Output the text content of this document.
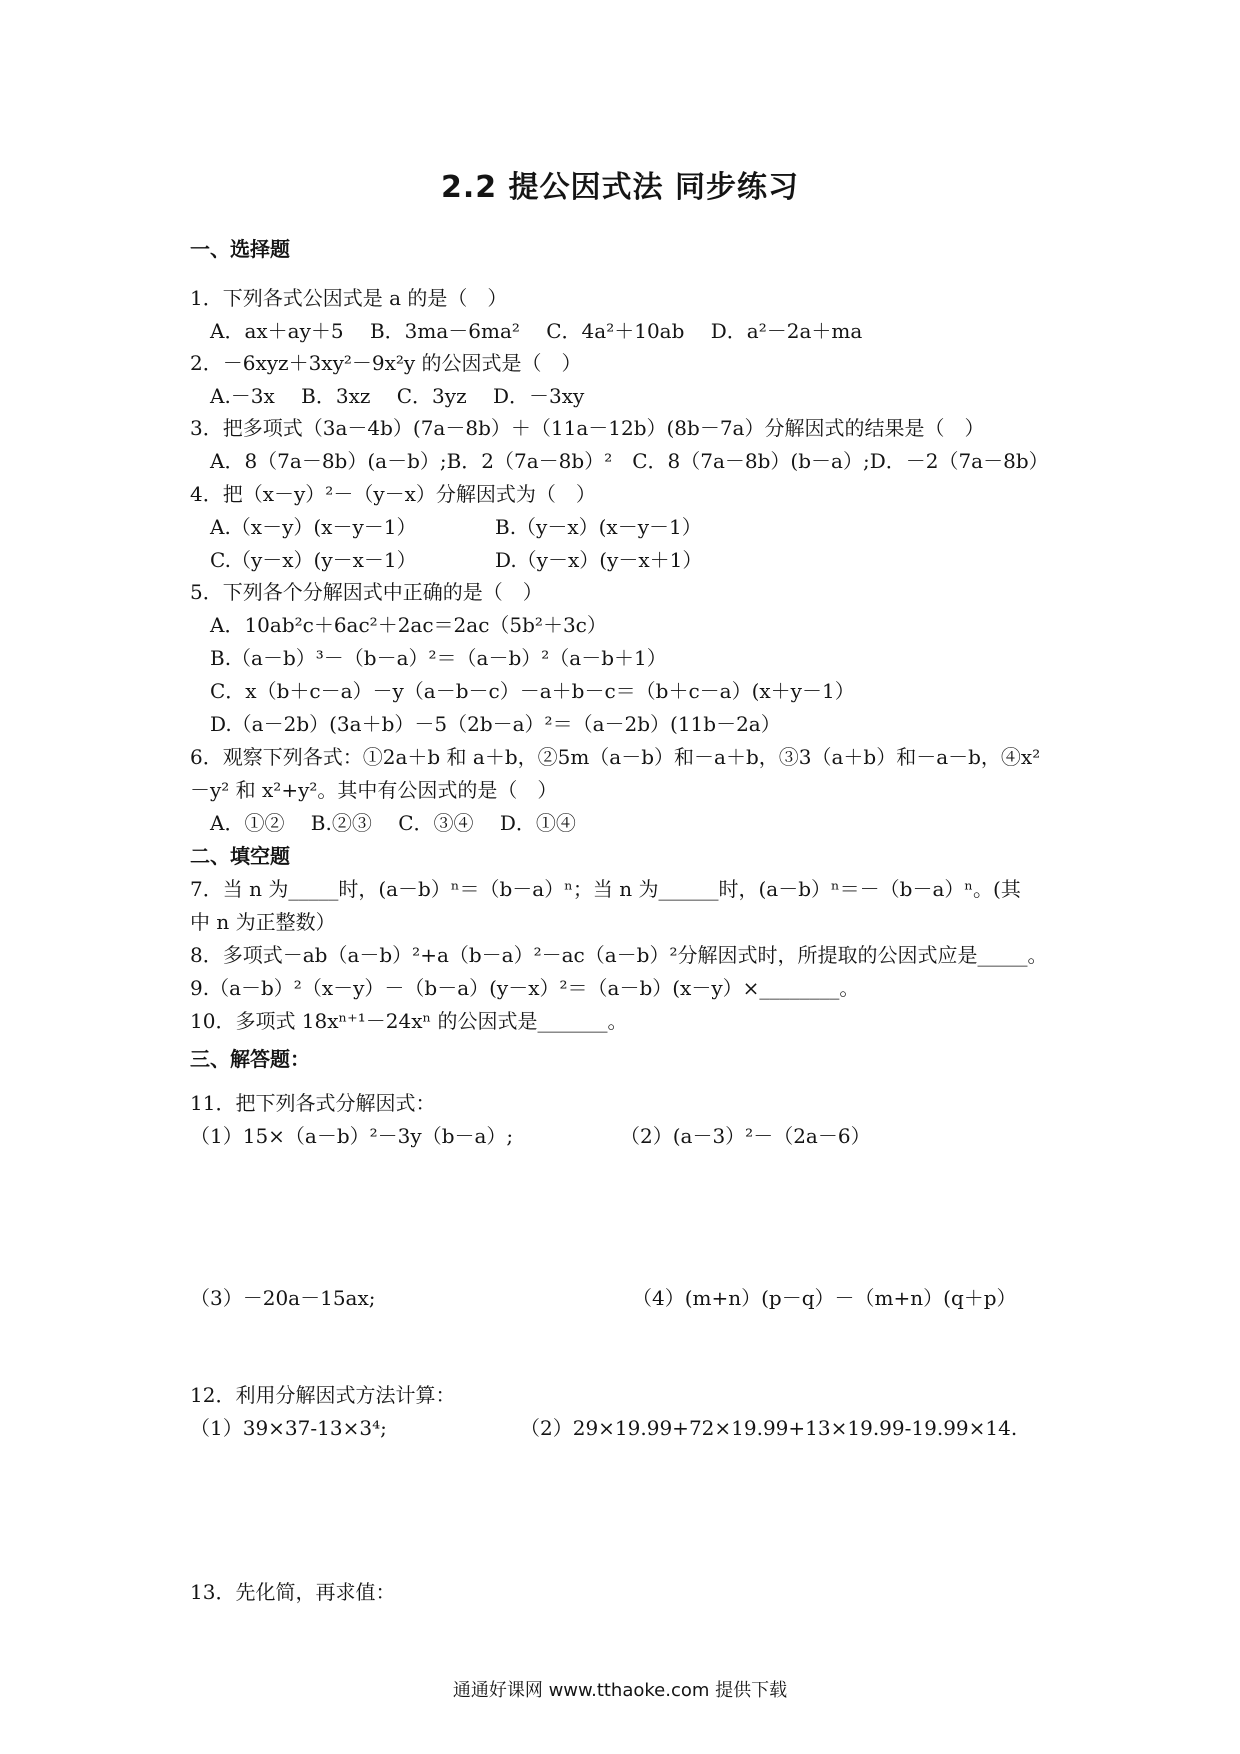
2.2 提公因式法 同步练习
一、选择题
1．下列各式公因式是 a 的是（　）
A．ax＋ay＋5　 B．3ma－6ma²　 C．4a²＋10ab　 D．a²－2a＋ma
2．－6xyz＋3xy²－9x²y 的公因式是（　）
A.－3x　 B．3xz　 C．3yz　 D．－3xy
3．把多项式（3a－4b）(7a－8b）＋（11a－12b）(8b－7a）分解因式的结果是（　）
A．8（7a－8b）(a－b）;B．2（7a－8b）²　C．8（7a－8b）(b－a）;D．－2（7a－8b）
4．把（x－y）²－（y－x）分解因式为（　）
A.（x－y）(x－y－1）	B.（y－x）(x－y－1）
C.（y－x）(y－x－1）	D.（y－x）(y－x＋1）
5．下列各个分解因式中正确的是（　）
A．10ab²c＋6ac²＋2ac＝2ac（5b²＋3c）
B.（a－b）³－（b－a）²＝（a－b）²（a－b＋1）
C．x（b＋c－a）－y（a－b－c）－a＋b－c＝（b＋c－a）(x＋y－1）
D.（a－2b）(3a＋b）－5（2b－a）²＝（a－2b）(11b－2a）
6．观察下列各式：①2a＋b 和 a＋b，②5m（a－b）和－a＋b，③3（a＋b）和－a－b，④x²
－y² 和 x²+y²。其中有公因式的是（　）
A．①②　 B.②③　 C．③④　 D．①④
二、填空题
7．当 n 为_____时，(a－b）ⁿ＝（b－a）ⁿ；当 n 为______时，(a－b）ⁿ＝－（b－a）ⁿ。(其
中 n 为正整数）
8．多项式－ab（a－b）²+a（b－a）²－ac（a－b）²分解因式时，所提取的公因式应是_____。
9.（a－b）²（x－y）－（b－a）(y－x）²＝（a－b）(x－y）×________。
10．多项式 18xⁿ⁺¹－24xⁿ 的公因式是_______。
三、解答题：
11．把下列各式分解因式：
（1）15×（a－b）²－3y（b－a）;	（2）(a－3）²－（2a－6）
（3）－20a－15ax;	（4）(m+n）(p－q）－（m+n）(q＋p）
12．利用分解因式方法计算：
（1）39×37-13×3⁴;	（2）29×19.99+72×19.99+13×19.99-19.99×14.
13．先化简，再求值：
通通好课网 www.tthaoke.com 提供下载
